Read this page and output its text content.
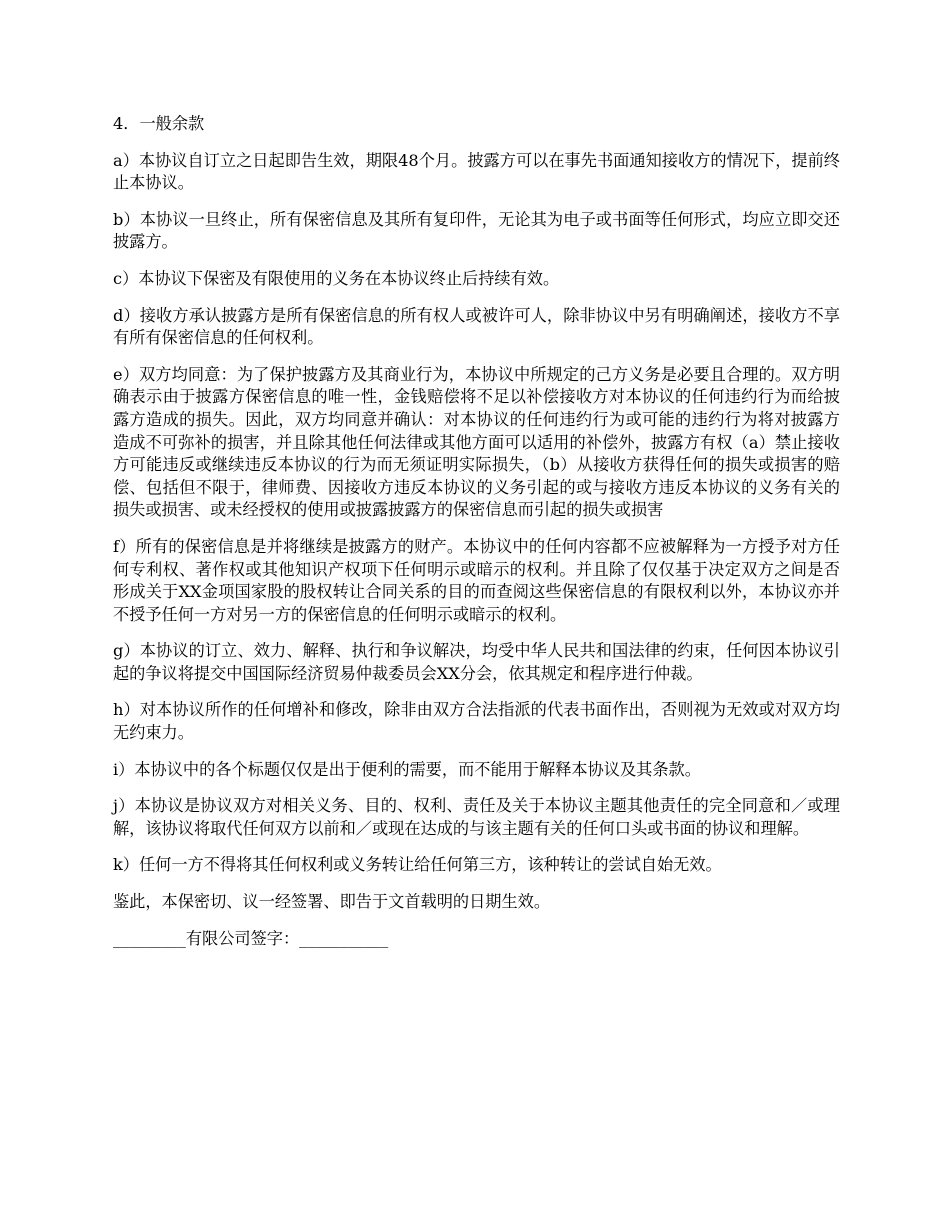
4．一般余款

a）本协议自订立之日起即告生效，期限48个月。披露方可以在事先书面通知接收方的情况下，提前终止本协议。

b）本协议一旦终止，所有保密信息及其所有复印件，无论其为电子或书面等任何形式，均应立即交还披露方。

c）本协议下保密及有限使用的义务在本协议终止后持续有效。

d）接收方承认披露方是所有保密信息的所有权人或被许可人，除非协议中另有明确阐述，接收方不享有所有保密信息的任何权利。

e）双方均同意：为了保护披露方及其商业行为，本协议中所规定的己方义务是必要且合理的。双方明确表示由于披露方保密信息的唯一性，金钱赔偿将不足以补偿接收方对本协议的任何违约行为而给披露方造成的损失。因此，双方均同意并确认：对本协议的任何违约行为或可能的违约行为将对披露方造成不可弥补的损害，并且除其他任何法律或其他方面可以适用的补偿外，披露方有权（a）禁止接收方可能违反或继续违反本协议的行为而无须证明实际损失，（b）从接收方获得任何的损失或损害的赔偿、包括但不限于，律师费、因接收方违反本协议的义务引起的或与接收方违反本协议的义务有关的损失或损害、或未经授权的使用或披露披露方的保密信息而引起的损失或损害

f）所有的保密信息是并将继续是披露方的财产。本协议中的任何内容都不应被解释为一方授予对方任何专利权、著作权或其他知识产权项下任何明示或暗示的权利。并且除了仅仅基于决定双方之间是否形成关于XX金项国家股的股权转让合同关系的目的而查阅这些保密信息的有限权利以外，本协议亦并不授予任何一方对另一方的保密信息的任何明示或暗示的权利。

g）本协议的订立、效力、解释、执行和争议解决，均受中华人民共和国法律的约束，任何因本协议引起的争议将提交中国国际经济贸易仲裁委员会XX分会，依其规定和程序进行仲裁。

h）对本协议所作的任何增补和修改，除非由双方合法指派的代表书面作出，否则视为无效或对双方均无约束力。

i）本协议中的各个标题仅仅是出于便利的需要，而不能用于解释本协议及其条款。

j）本协议是协议双方对相关义务、目的、权利、责任及关于本协议主题其他责任的完全同意和／或理解，该协议将取代任何双方以前和／或现在达成的与该主题有关的任何口头或书面的协议和理解。

k）任何一方不得将其任何权利或义务转让给任何第三方，该种转让的尝试自始无效。

鉴此，本保密切、议一经签署、即告于文首载明的日期生效。

_________有限公司签字：___________
